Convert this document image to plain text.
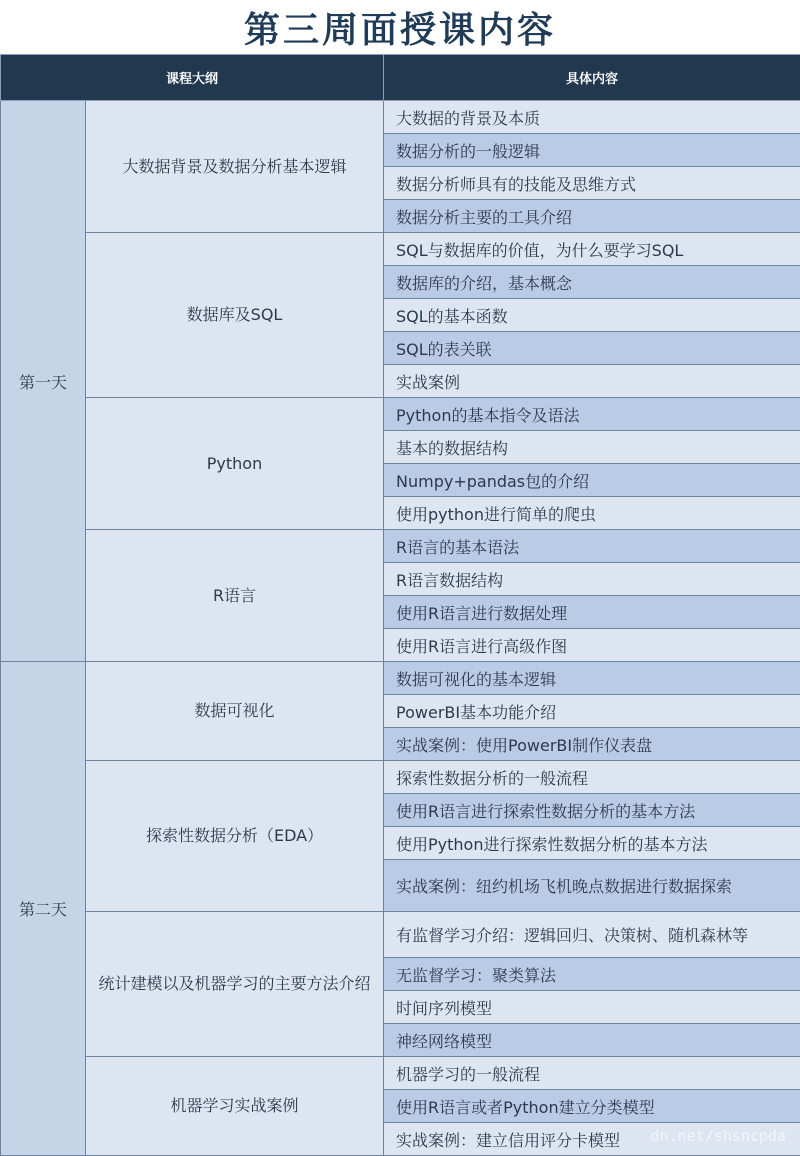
第三周面授课内容
课程大纲		具体内容
第一天	大数据背景及数据分析基本逻辑	大数据的背景及本质
		数据分析的一般逻辑
		数据分析师具有的技能及思维方式
		数据分析主要的工具介绍
	数据库及SQL	SQL与数据库的价值，为什么要学习SQL
		数据库的介绍，基本概念
		SQL的基本函数
		SQL的表关联
		实战案例
	Python	Python的基本指令及语法
		基本的数据结构
		Numpy+pandas包的介绍
		使用python进行简单的爬虫
	R语言	R语言的基本语法
		R语言数据结构
		使用R语言进行数据处理
		使用R语言进行高级作图
第二天	数据可视化	数据可视化的基本逻辑
		PowerBI基本功能介绍
		实战案例：使用PowerBI制作仪表盘
	探索性数据分析（EDA）	探索性数据分析的一般流程
		使用R语言进行探索性数据分析的基本方法
		使用Python进行探索性数据分析的基本方法
		实战案例：纽约机场飞机晚点数据进行数据探索
	统计建模以及机器学习的主要方法介绍	有监督学习介绍：逻辑回归、决策树、随机森林等
		无监督学习：聚类算法
		时间序列模型
		神经网络模型
	机器学习实战案例	机器学习的一般流程
		使用R语言或者Python建立分类模型
		实战案例：建立信用评分卡模型 dn.net/shsncpda
